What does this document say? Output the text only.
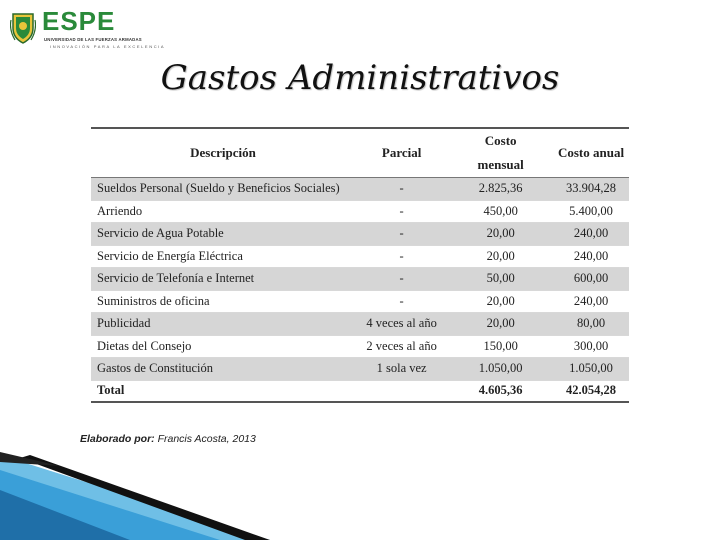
ESPE
UNIVERSIDAD DE LAS FUERZAS ARMADAS
INNOVACIÓN PARA LA EXCELENCIA
Gastos Administrativos
Descripción	Parcial	Costo mensual	Costo anual
Sueldos Personal (Sueldo y Beneficios Sociales)	-	2.825,36	33.904,28
Arriendo	-	450,00	5.400,00
Servicio de Agua Potable	-	20,00	240,00
Servicio de Energía Eléctrica	-	20,00	240,00
Servicio de Telefonía e Internet	-	50,00	600,00
Suministros de oficina	-	20,00	240,00
Publicidad	4 veces al año	20,00	80,00
Dietas del Consejo	2 veces al año	150,00	300,00
Gastos de Constitución	1 sola vez	1.050,00	1.050,00
Total		4.605,36	42.054,28
Elaborado por: Francis Acosta, 2013
